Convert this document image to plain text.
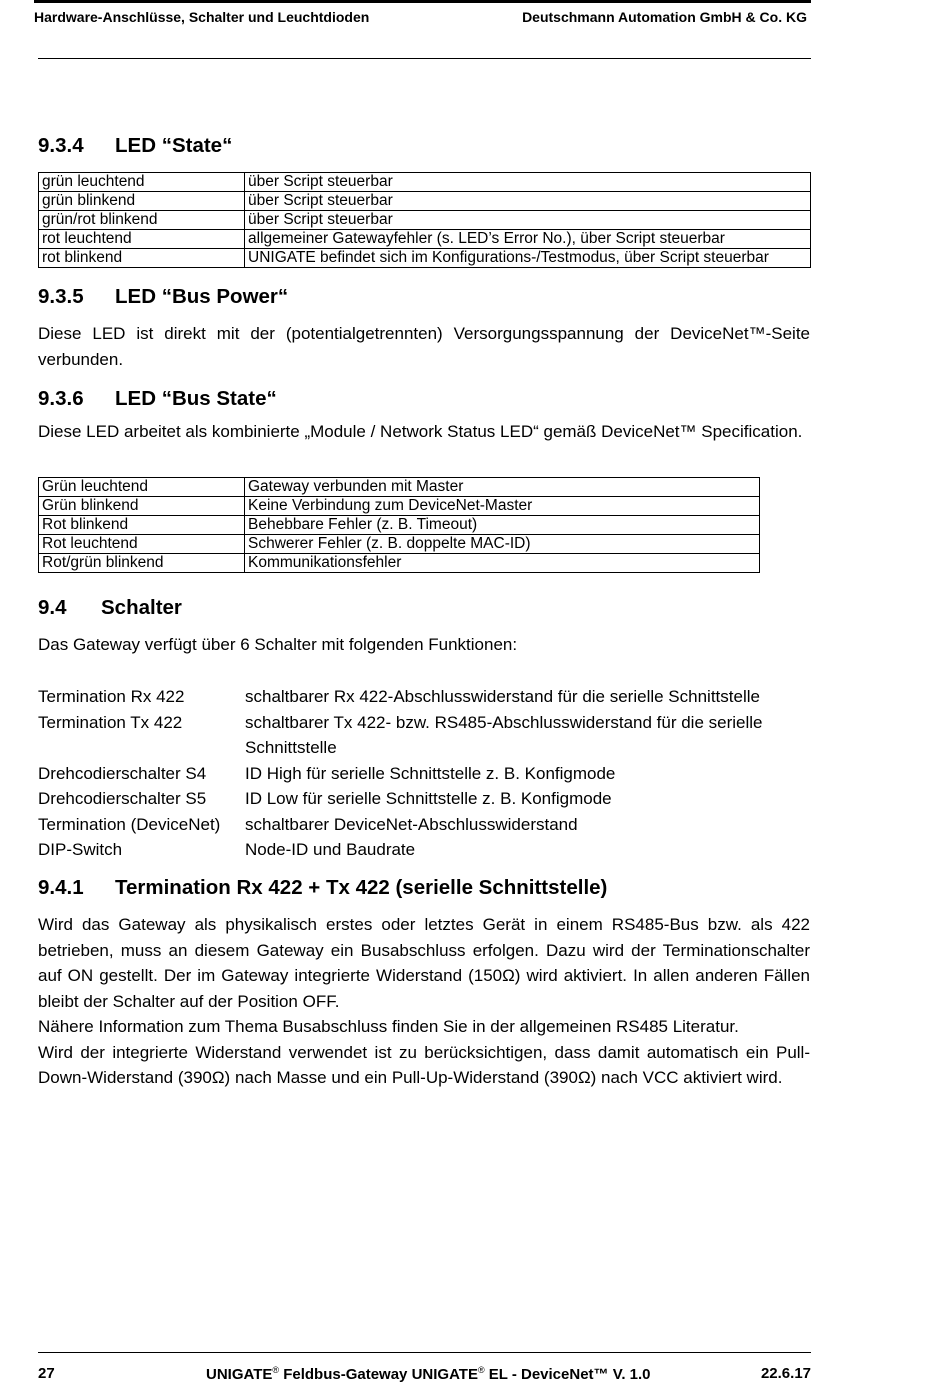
Hardware-Anschlüsse, Schalter und Leuchtdioden	Deutschmann Automation GmbH & Co. KG
9.3.4 LED “State“
grün leuchtend	über Script steuerbar
grün blinkend	über Script steuerbar
grün/rot blinkend	über Script steuerbar
rot leuchtend	allgemeiner Gatewayfehler (s. LED’s Error No.), über Script steuerbar
rot blinkend	UNIGATE befindet sich im Konfigurations-/Testmodus, über Script steuerbar
9.3.5 LED “Bus Power“
Diese LED ist direkt mit der (potentialgetrennten) Versorgungsspannung der DeviceNet™-Seite verbunden.
9.3.6 LED “Bus State“
Diese LED arbeitet als kombinierte „Module / Network Status LED“ gemäß DeviceNet™ Specification.
Grün leuchtend	Gateway verbunden mit Master
Grün blinkend	Keine Verbindung zum DeviceNet-Master
Rot blinkend	Behebbare Fehler (z. B. Timeout)
Rot leuchtend	Schwerer Fehler (z. B. doppelte MAC-ID)
Rot/grün blinkend	Kommunikationsfehler
9.4 Schalter
Das Gateway verfügt über 6 Schalter mit folgenden Funktionen:
Termination Rx 422	schaltbarer Rx 422-Abschlusswiderstand für die serielle Schnittstelle
Termination Tx 422	schaltbarer Tx 422- bzw. RS485-Abschlusswiderstand für die serielle Schnittstelle
Drehcodierschalter S4	ID High für serielle Schnittstelle z. B. Konfigmode
Drehcodierschalter S5	ID Low für serielle Schnittstelle z. B. Konfigmode
Termination (DeviceNet)	schaltbarer DeviceNet-Abschlusswiderstand
DIP-Switch	Node-ID und Baudrate
9.4.1 Termination Rx 422 + Tx 422 (serielle Schnittstelle)
Wird das Gateway als physikalisch erstes oder letztes Gerät in einem RS485-Bus bzw. als 422 betrieben, muss an diesem Gateway ein Busabschluss erfolgen. Dazu wird der Terminationschalter auf ON gestellt. Der im Gateway integrierte Widerstand (150Ω) wird aktiviert. In allen anderen Fällen bleibt der Schalter auf der Position OFF.
Nähere Information zum Thema Busabschluss finden Sie in der allgemeinen RS485 Literatur.
Wird der integrierte Widerstand verwendet ist zu berücksichtigen, dass damit automatisch ein Pull-Down-Widerstand (390Ω) nach Masse und ein Pull-Up-Widerstand (390Ω) nach VCC aktiviert wird.
27	UNIGATE® Feldbus-Gateway UNIGATE® EL - DeviceNet™ V. 1.0	22.6.17
